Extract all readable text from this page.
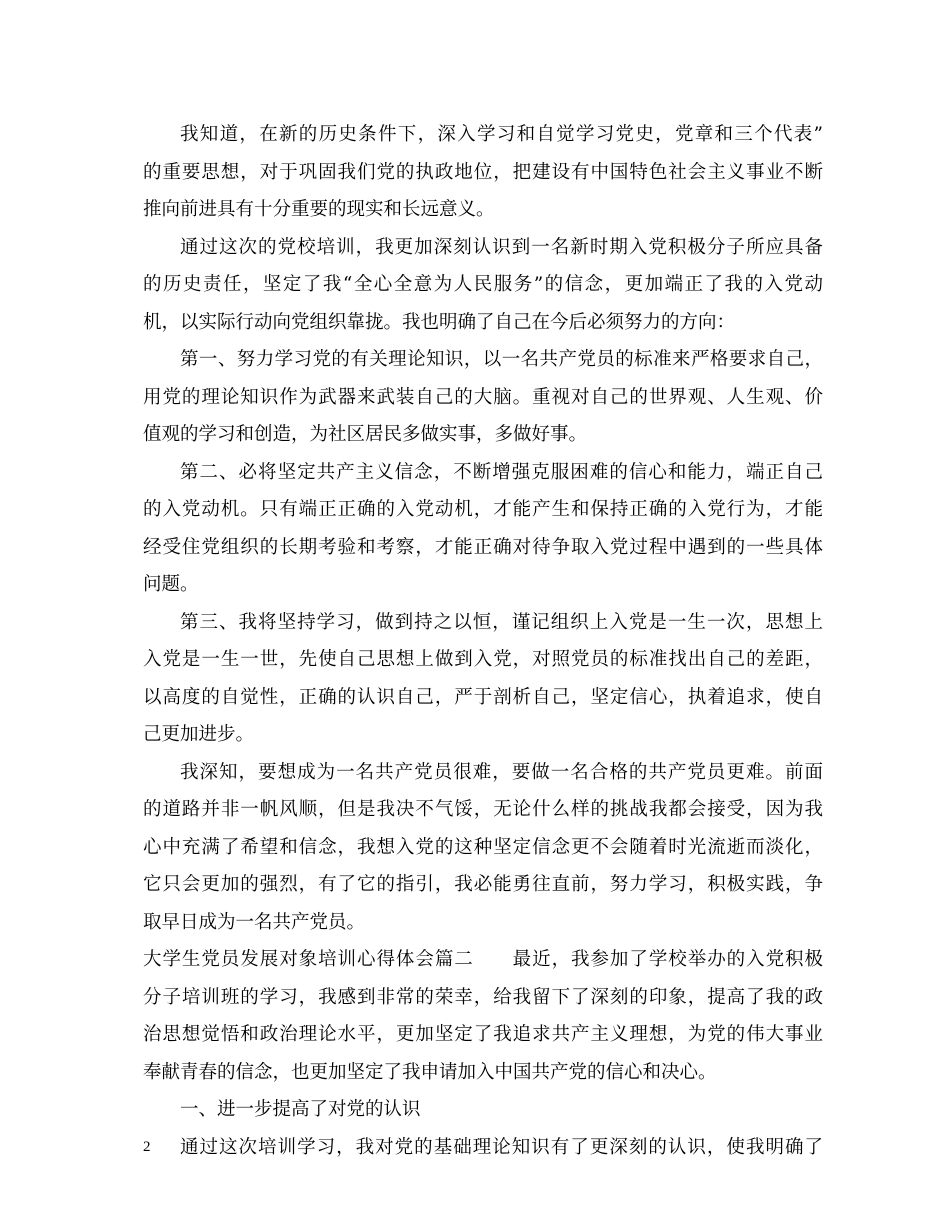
我知道，在新的历史条件下，深入学习和自觉学习党史，党章和三个代表”
的重要思想，对于巩固我们党的执政地位，把建设有中国特色社会主义事业不断
推向前进具有十分重要的现实和长远意义。
通过这次的党校培训，我更加深刻认识到一名新时期入党积极分子所应具备
的历史责任，坚定了我“全心全意为人民服务”的信念，更加端正了我的入党动
机，以实际行动向党组织靠拢。我也明确了自己在今后必须努力的方向：
第一、努力学习党的有关理论知识，以一名共产党员的标准来严格要求自己，
用党的理论知识作为武器来武装自己的大脑。重视对自己的世界观、人生观、价
值观的学习和创造，为社区居民多做实事，多做好事。
第二、必将坚定共产主义信念，不断增强克服困难的信心和能力，端正自己
的入党动机。只有端正正确的入党动机，才能产生和保持正确的入党行为，才能
经受住党组织的长期考验和考察，才能正确对待争取入党过程中遇到的一些具体
问题。
第三、我将坚持学习，做到持之以恒，谨记组织上入党是一生一次，思想上
入党是一生一世，先使自己思想上做到入党，对照党员的标准找出自己的差距，
以高度的自觉性，正确的认识自己，严于剖析自己，坚定信心，执着追求，使自
己更加进步。
我深知，要想成为一名共产党员很难，要做一名合格的共产党员更难。前面
的道路并非一帆风顺，但是我决不气馁，无论什么样的挑战我都会接受，因为我
心中充满了希望和信念，我想入党的这种坚定信念更不会随着时光流逝而淡化，
它只会更加的强烈，有了它的指引，我必能勇往直前，努力学习，积极实践，争
取早日成为一名共产党员。
大学生党员发展对象培训心得体会篇二　　最近，我参加了学校举办的入党积极
分子培训班的学习，我感到非常的荣幸，给我留下了深刻的印象，提高了我的政
治思想觉悟和政治理论水平，更加坚定了我追求共产主义理想，为党的伟大事业
奉献青春的信念，也更加坚定了我申请加入中国共产党的信心和决心。
一、进一步提高了对党的认识
通过这次培训学习，我对党的基础理论知识有了更深刻的认识，使我明确了
2
